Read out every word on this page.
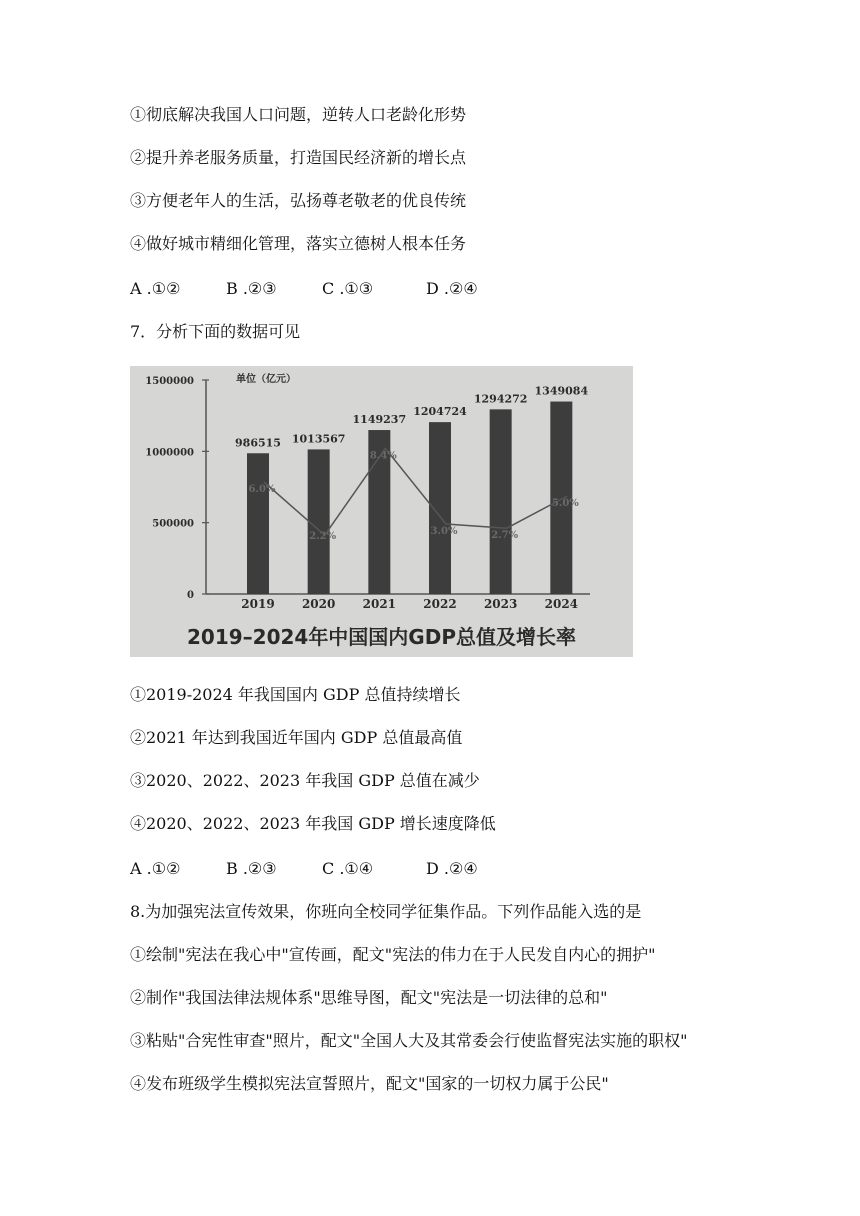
①彻底解决我国人口问题，逆转人口老龄化形势
②提升养老服务质量，打造国民经济新的增长点
③方便老年人的生活，弘扬尊老敬老的优良传统
④做好城市精细化管理，落实立德树人根本任务
A .①②	B .②③	C .①③	D .②④
7．分析下面的数据可见
1500000
1000000
500000
0
单位（亿元）
986515
2019
1013567
2020
1149237
2021
1204724
2022
1294272
2023
1349084
2024
6.0%
2.2%
8.4%
3.0%	2.7%
5.0%
2019–2024年中国国内GDP总值及增长率
①2019-2024 年我国国内 GDP 总值持续增长
②2021 年达到我国近年国内 GDP 总值最高值
③2020、2022、2023 年我国 GDP 总值在减少
④2020、2022、2023 年我国 GDP 增长速度降低
A .①②	B .②③	C .①④	D .②④
8.为加强宪法宣传效果，你班向全校同学征集作品。下列作品能入选的是
①绘制"宪法在我心中"宣传画，配文"宪法的伟力在于人民发自内心的拥护"
②制作"我国法律法规体系"思维导图，配文"宪法是一切法律的总和"
③粘贴"合宪性审查"照片，配文"全国人大及其常委会行使监督宪法实施的职权"
④发布班级学生模拟宪法宣誓照片，配文"国家的一切权力属于公民"
